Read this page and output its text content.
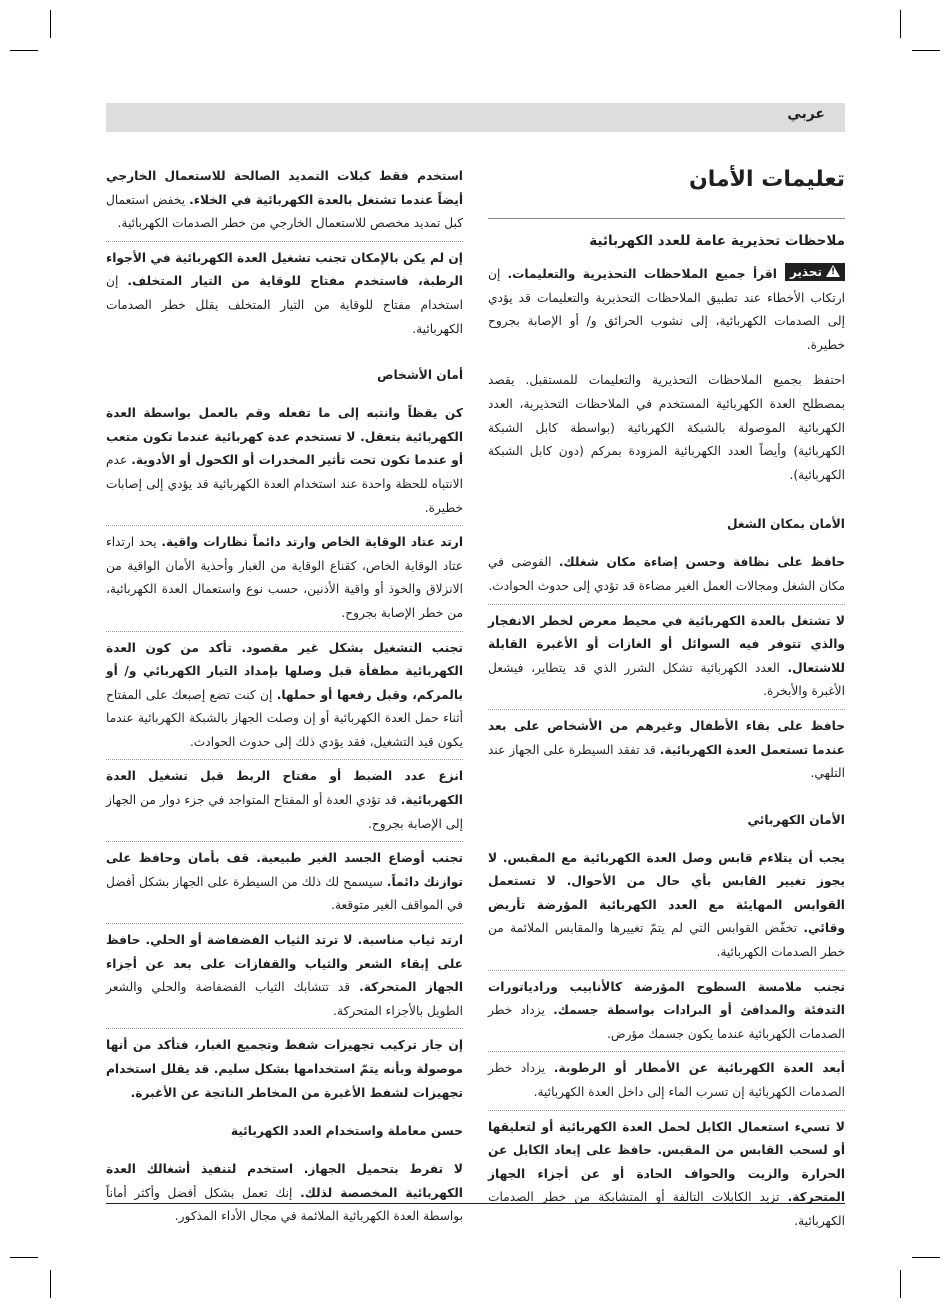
عربي
تعليمات الأمان
ملاحظات تحذيرية عامة للعدد الكهربائية

!
تحذير
اقرأ جميع الملاحظات التحذيرية والتعليمات. إن ارتكاب الأخطاء عند تطبيق الملاحظات التحذيرية والتعليمات قد يؤدي إلى الصدمات الكهربائية، إلى نشوب الحرائق و/ أو الإصابة بجروح خطيرة.

احتفظ بجميع الملاحظات التحذيرية والتعليمات للمستقبل. يقصد بمصطلح العدة الكهربائية المستخدم في الملاحظات التحذيرية، العدد الكهربائية الموصولة بالشبكة الكهربائية (بواسطة كابل الشبكة الكهربائية) وأيضاً العدد الكهربائية المزودة بمركم (دون كابل الشبكة الكهربائية).

الأمان بمكان الشغل

حافظ على نظافة وحسن إضاءة مكان شغلك. الفوضى في مكان الشغل ومجالات العمل الغير مضاءة قد تؤدي إلى حدوث الحوادث.

لا تشتغل بالعدة الكهربائية في محيط معرض لخطر الانفجار والذي تتوفر فيه السوائل أو الغازات أو الأغبرة القابلة للاشتعال. العدد الكهربائية تشكل الشرر الذي قد يتطاير، فيشعل الأغبرة والأبخرة.

حافظ على بقاء الأطفال وغيرهم من الأشخاص على بعد عندما تستعمل العدة الكهربائية. قد تفقد السيطرة على الجهاز عند التلهي.

الأمان الكهربائي

يجب أن يتلاءم قابس وصل العدة الكهربائية مع المقبس. لا يجوز تغيير القابس بأي حال من الأحوال. لا تستعمل القوابس المهايئة مع العدد الكهربائية المؤرضة تأريض وقائي. تخفّض القوابس التي لم يتمّ تغييرها والمقابس الملائمة من خطر الصدمات الكهربائية.

تجنب ملامسة السطوح المؤرضة كالأنابيب ورادياتورات التدفئة والمدافئ أو البرادات بواسطة جسمك. يزداد خطر الصدمات الكهربائية عندما يكون جسمك مؤرض.

أبعد العدة الكهربائية عن الأمطار أو الرطوبة. يزداد خطر الصدمات الكهربائية إن تسرب الماء إلى داخل العدة الكهربائية.

لا تسيء استعمال الكابل لحمل العدة الكهربائية أو لتعليقها أو لسحب القابس من المقبس. حافظ على إبعاد الكابل عن الحرارة والزيت والحواف الحادة أو عن أجزاء الجهاز المتحركة. تزيد الكابلات التالفة أو المتشابكة من خطر الصدمات الكهربائية.

استخدم فقط كبلات التمديد الصالحة للاستعمال الخارجي أيضاً عندما تشتغل بالعدة الكهربائية في الخلاء. يخفض استعمال كبل تمديد مخصص للاستعمال الخارجي من خطر الصدمات الكهربائية.

إن لم يكن بالإمكان تجنب تشغيل العدة الكهربائية في الأجواء الرطبة، فاستخدم مفتاح للوقاية من التيار المتخلف. إن استخدام مفتاح للوقاية من التيار المتخلف يقلل خطر الصدمات الكهربائية.

أمان الأشخاص

كن يقظاً وانتبه إلى ما تفعله وقم بالعمل بواسطة العدة الكهربائية بتعقل. لا تستخدم عدة كهربائية عندما تكون متعب أو عندما تكون تحت تأثير المخدرات أو الكحول أو الأدوية. عدم الانتباه للحظة واحدة عند استخدام العدة الكهربائية قد يؤدي إلى إصابات خطيرة.

ارتد عتاد الوقاية الخاص وارتد دائماً نظارات واقية. يحد ارتداء عتاد الوقاية الخاص، كقناع الوقاية من الغبار وأحذية الأمان الواقية من الانزلاق والخوذ أو واقية الأذنين، حسب نوع واستعمال العدة الكهربائية، من خطر الإصابة بجروح.

تجنب التشغيل بشكل غير مقصود. تأكد من كون العدة الكهربائية مطفأة قبل وصلها بإمداد التيار الكهربائي و/ أو بالمركم، وقبل رفعها أو حملها. إن كنت تضع إصبعك على المفتاح أثناء حمل العدة الكهربائية أو إن وصلت الجهاز بالشبكة الكهربائية عندما يكون قيد التشغيل، فقد يؤدي ذلك إلى حدوث الحوادث.

انزع عدد الضبط أو مفتاح الربط قبل تشغيل العدة الكهربائية. قد تؤدي العدة أو المفتاح المتواجد في جزء دوار من الجهاز إلى الإصابة بجروح.

تجنب أوضاع الجسد الغير طبيعية. قف بأمان وحافظ على توازنك دائماً. سيسمح لك ذلك من السيطرة على الجهاز بشكل أفضل في المواقف الغير متوقعة.

ارتد ثياب مناسبة. لا ترتد الثياب الفضفاضة أو الحلي. حافظ على إبقاء الشعر والثياب والقفازات على بعد عن أجزاء الجهاز المتحركة. قد تتشابك الثياب الفضفاضة والحلي والشعر الطويل بالأجزاء المتحركة.

إن جاز تركيب تجهيزات شفط وتجميع الغبار، فتأكد من أنها موصولة وبأنه يتمّ استخدامها بشكل سليم. قد يقلل استخدام تجهيزات لشفط الأغبرة من المخاطر الناتجة عن الأغبرة.

حسن معاملة واستخدام العدد الكهربائية

لا تفرط بتحميل الجهاز. استخدم لتنفيذ أشغالك العدة الكهربائية المخصصة لذلك. إنك تعمل بشكل أفضل وأكثر أماناً بواسطة العدة الكهربائية الملائمة في مجال الأداء المذكور.
